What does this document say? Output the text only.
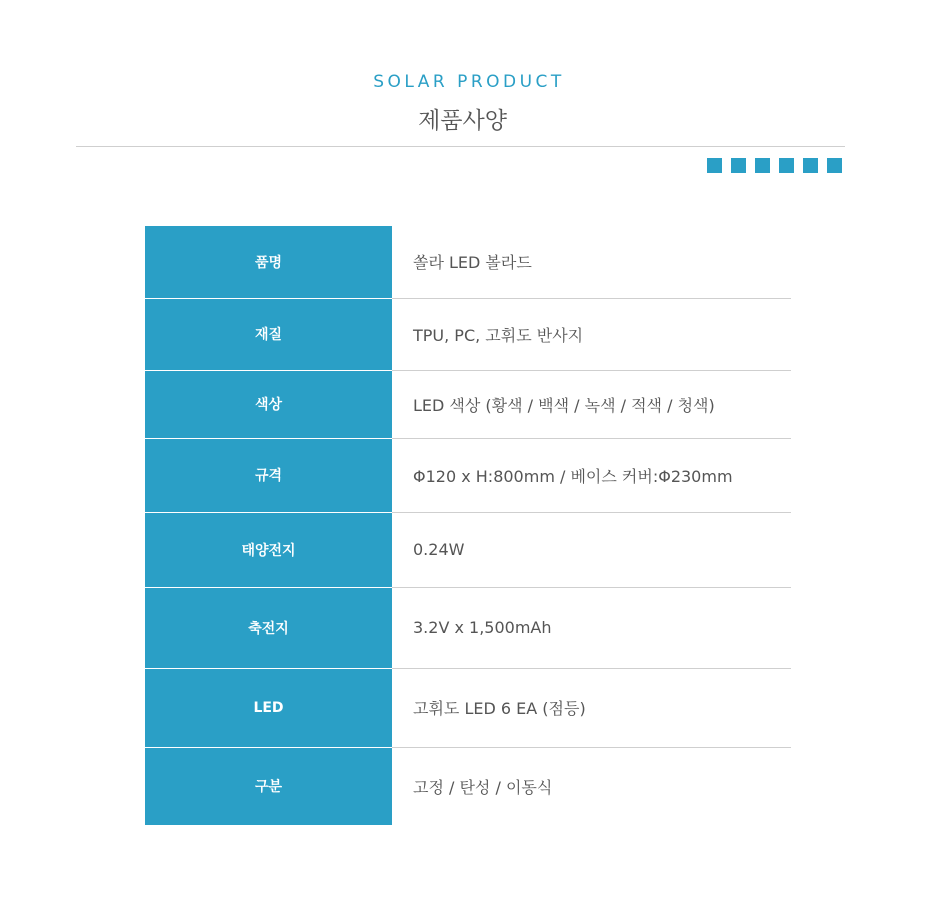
SOLAR PRODUCT
제품사양
품명	쏠라 LED 볼라드
재질	TPU, PC, 고휘도 반사지
색상	LED 색상 (황색 / 백색 / 녹색 / 적색 / 청색)
규격	Φ120 x H:800mm / 베이스 커버:Φ230mm
태양전지	0.24W
축전지	3.2V x 1,500mAh
LED	고휘도 LED 6 EA (점등)
구분	고정 / 탄성 / 이동식
